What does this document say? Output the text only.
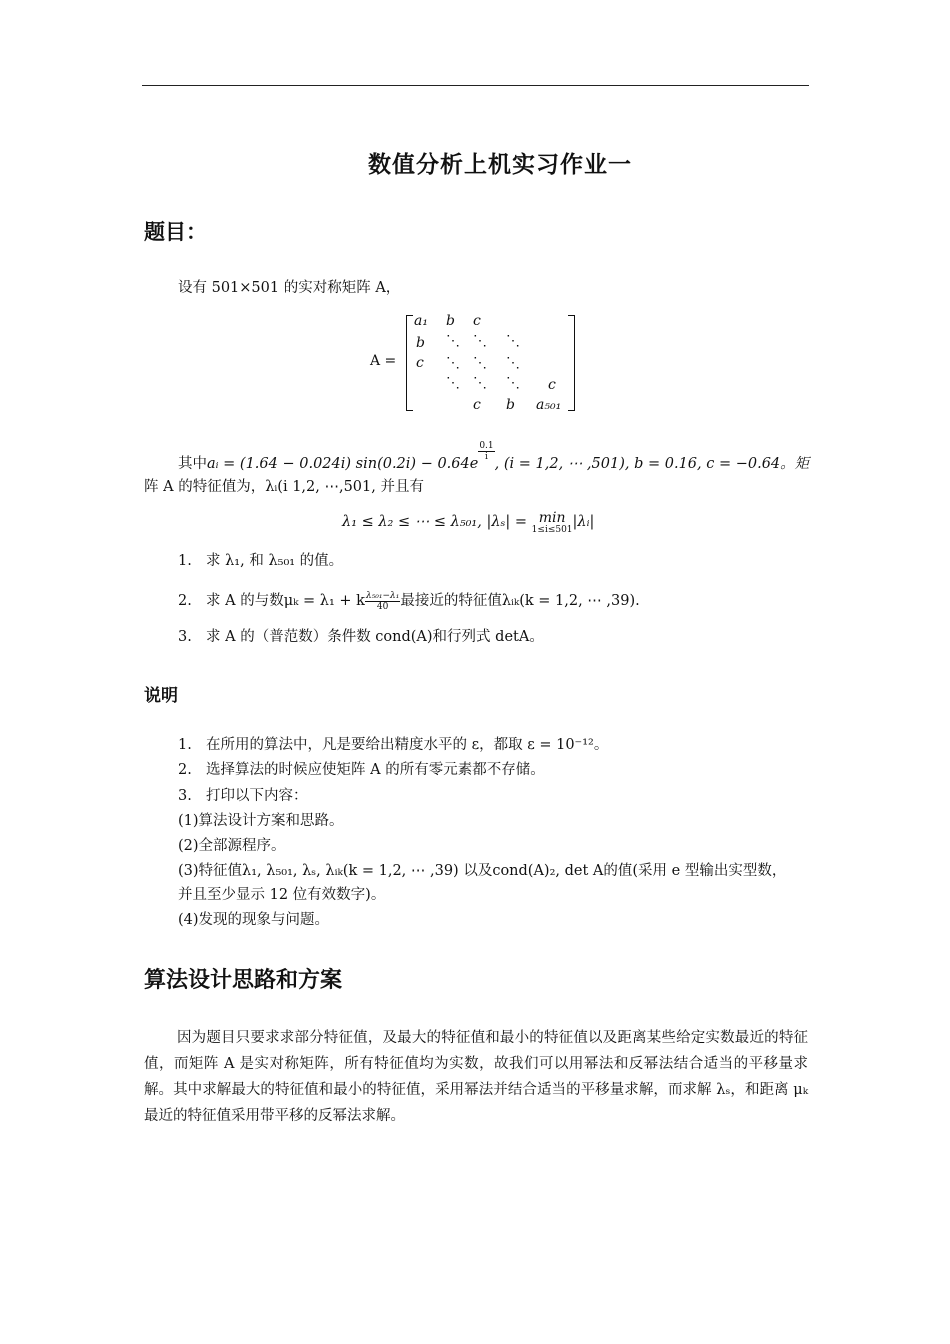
数值分析上机实习作业一
题目：
设有 501×501 的实对称矩阵 A，
A =
a₁ b c
b ⋱ ⋱ ⋱
c ⋱ ⋱ ⋱
⋱ ⋱ ⋱ c
c b a₅₀₁
其中aᵢ = (1.64 − 0.024i) sin(0.2i) − 0.64e
$\frac{0.1}{i}$
, (i = 1,2, ⋯ ,501), b = 0.16, c = −0.64。矩
阵 A 的特征值为，λᵢ(i 1,2, ⋯,501, 并且有
λ₁ ≤ λ₂ ≤ ⋯ ≤ λ₅₀₁, |λₛ| = min
1≤i≤501 |λᵢ|
1. 求 λ₁, 和 λ₅₀₁ 的值。
2. 求 A 的与数μₖ = λ₁ + k $\frac{\text{λ₅₀₁−λ₁}}{40}$ 最接近的特征值λᵢₖ(k = 1,2, ⋯ ,39).
3. 求 A 的（普范数）条件数 cond(A)和行列式 detA。
说明
1. 在所用的算法中，凡是要给出精度水平的 ε，都取 ε = 10⁻¹²。
2. 选择算法的时候应使矩阵 A 的所有零元素都不存储。
3. 打印以下内容：
(1)算法设计方案和思路。
(2)全部源程序。
(3)特征值λ₁, λ₅₀₁, λₛ, λᵢₖ(k = 1,2, ⋯ ,39) 以及cond(A)₂, det A的值(采用 e 型输出实型数，
并且至少显示 12 位有效数字)。
(4)发现的现象与问题。
算法设计思路和方案
因为题目只要求求部分特征值，及最大的特征值和最小的特征值以及距离某些给定实数最近的特征值，而矩阵 A 是实对称矩阵，所有特征值均为实数，故我们可以用幂法和反幂法结合适当的平移量求解。其中求解最大的特征值和最小的特征值，采用幂法并结合适当的平移量求解，而求解 λₛ，和距离 μₖ 最近的特征值采用带平移的反幂法求解。
